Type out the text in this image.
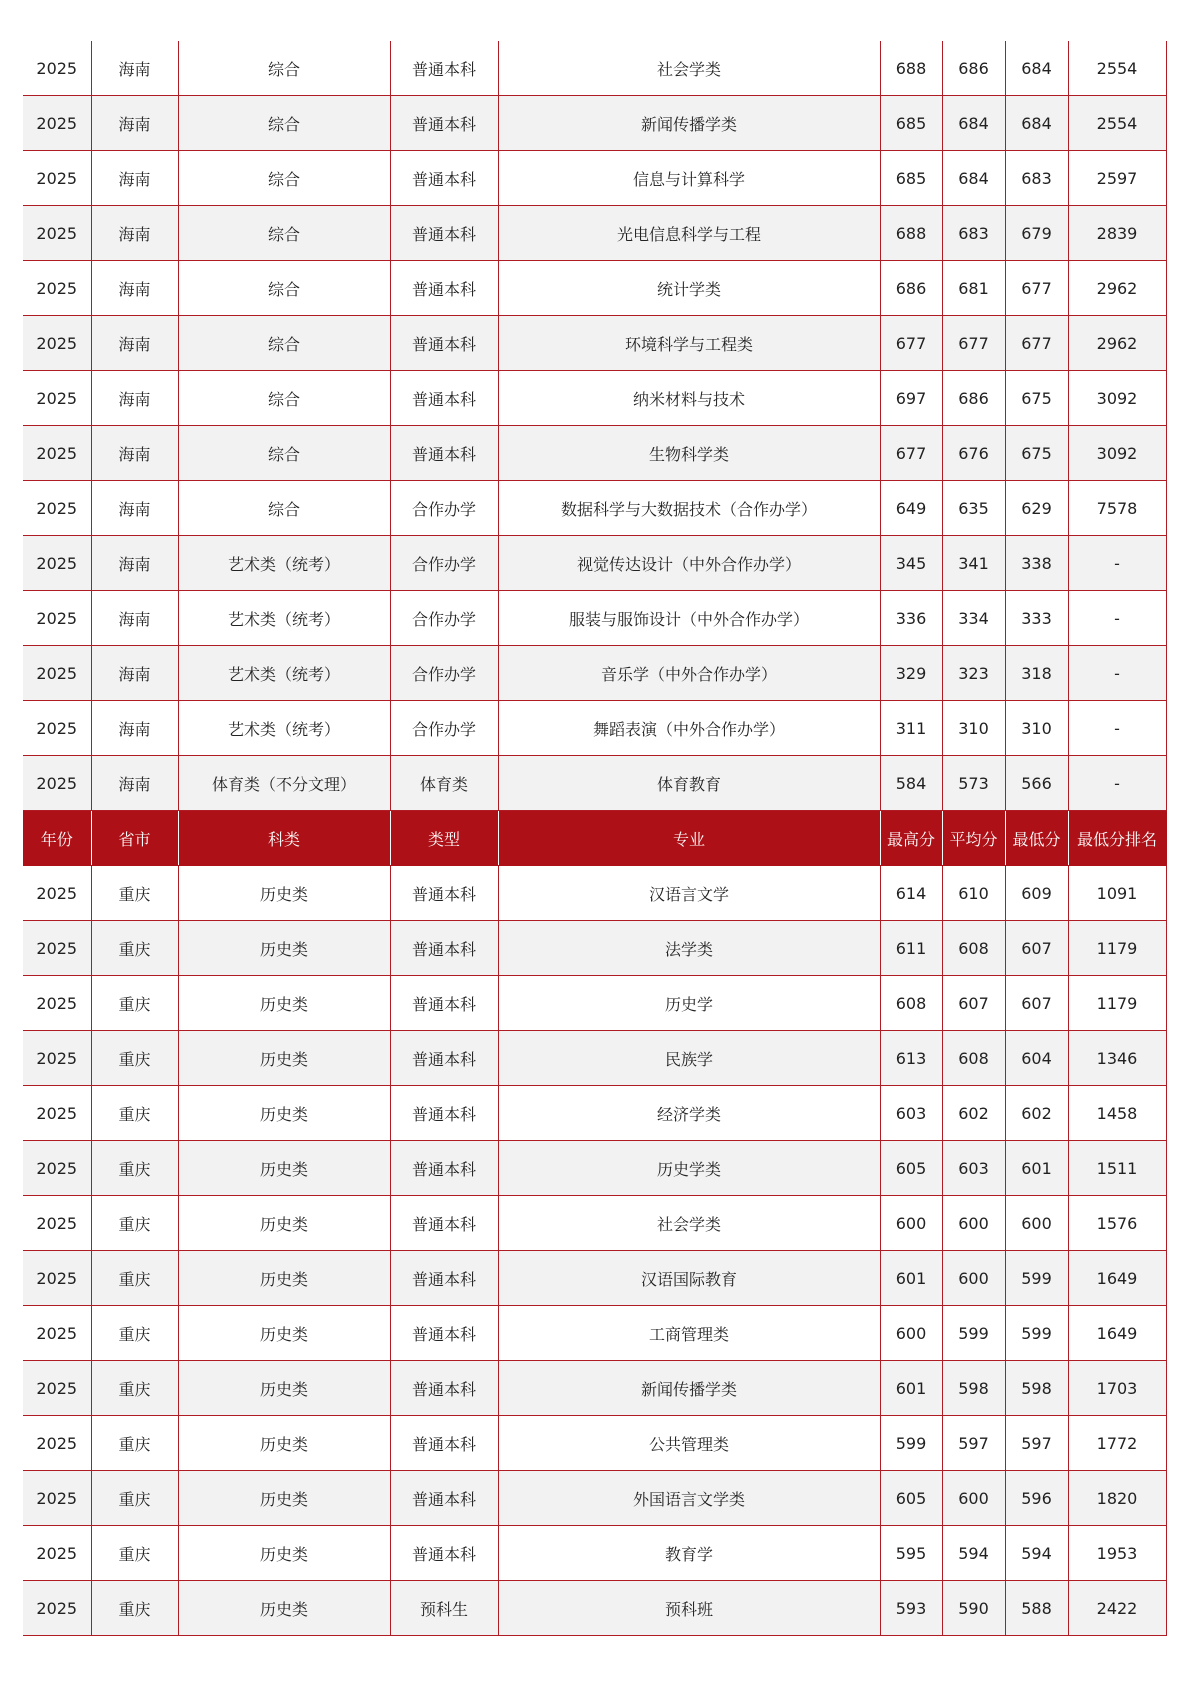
2025	海南	综合	普通本科	社会学类	688	686	684	2554
2025	海南	综合	普通本科	新闻传播学类	685	684	684	2554
2025	海南	综合	普通本科	信息与计算科学	685	684	683	2597
2025	海南	综合	普通本科	光电信息科学与工程	688	683	679	2839
2025	海南	综合	普通本科	统计学类	686	681	677	2962
2025	海南	综合	普通本科	环境科学与工程类	677	677	677	2962
2025	海南	综合	普通本科	纳米材料与技术	697	686	675	3092
2025	海南	综合	普通本科	生物科学类	677	676	675	3092
2025	海南	综合	合作办学	数据科学与大数据技术（合作办学）	649	635	629	7578
2025	海南	艺术类（统考）	合作办学	视觉传达设计（中外合作办学）	345	341	338	-
2025	海南	艺术类（统考）	合作办学	服装与服饰设计（中外合作办学）	336	334	333	-
2025	海南	艺术类（统考）	合作办学	音乐学（中外合作办学）	329	323	318	-
2025	海南	艺术类（统考）	合作办学	舞蹈表演（中外合作办学）	311	310	310	-
2025	海南	体育类（不分文理）	体育类	体育教育	584	573	566	-
年份	省市	科类	类型	专业	最高分	平均分	最低分	最低分排名
2025	重庆	历史类	普通本科	汉语言文学	614	610	609	1091
2025	重庆	历史类	普通本科	法学类	611	608	607	1179
2025	重庆	历史类	普通本科	历史学	608	607	607	1179
2025	重庆	历史类	普通本科	民族学	613	608	604	1346
2025	重庆	历史类	普通本科	经济学类	603	602	602	1458
2025	重庆	历史类	普通本科	历史学类	605	603	601	1511
2025	重庆	历史类	普通本科	社会学类	600	600	600	1576
2025	重庆	历史类	普通本科	汉语国际教育	601	600	599	1649
2025	重庆	历史类	普通本科	工商管理类	600	599	599	1649
2025	重庆	历史类	普通本科	新闻传播学类	601	598	598	1703
2025	重庆	历史类	普通本科	公共管理类	599	597	597	1772
2025	重庆	历史类	普通本科	外国语言文学类	605	600	596	1820
2025	重庆	历史类	普通本科	教育学	595	594	594	1953
2025	重庆	历史类	预科生	预科班	593	590	588	2422
